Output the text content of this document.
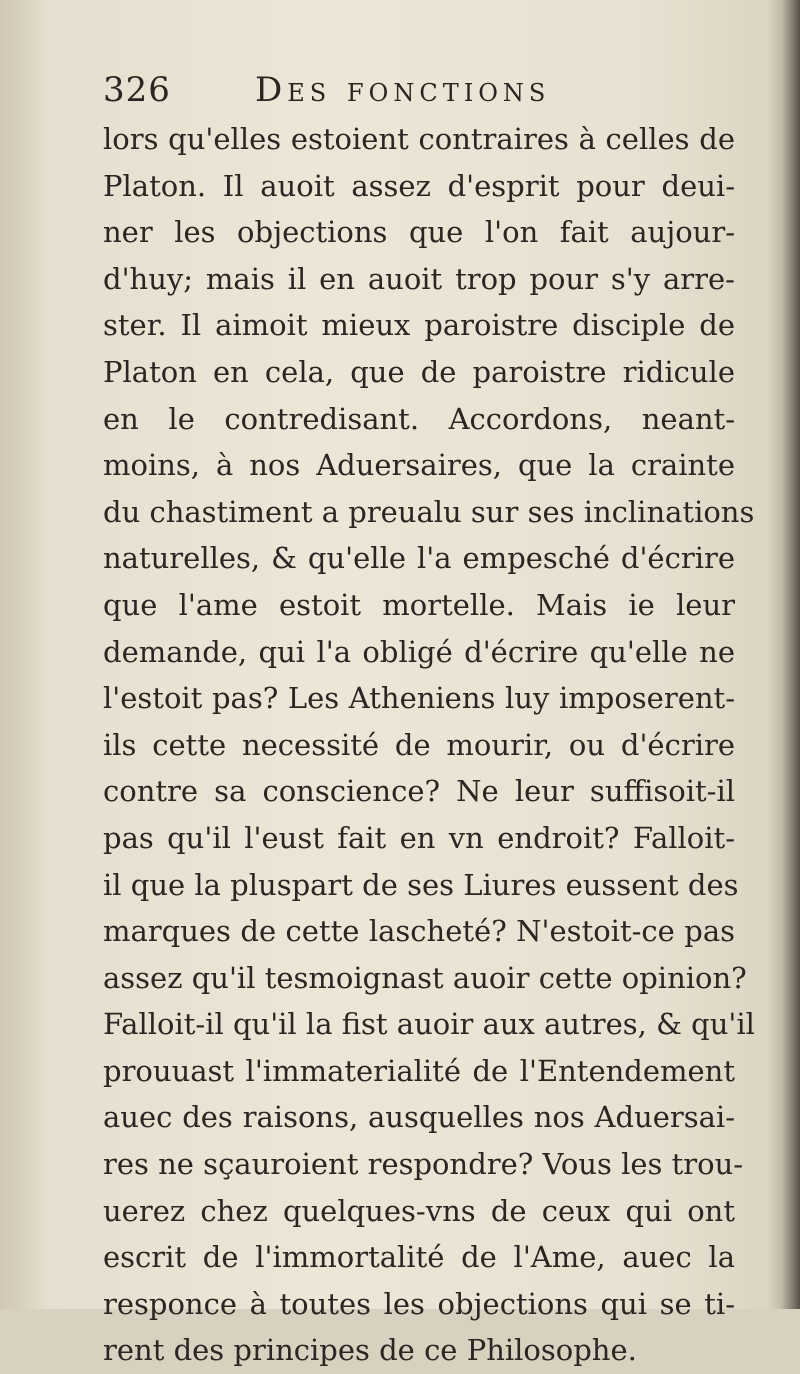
326 Des fonctions
lors qu'elles estoient contraires à celles de
Platon. Il auoit assez d'esprit pour deui-
ner les objections que l'on fait aujour-
d'huy; mais il en auoit trop pour s'y arre-
ster. Il aimoit mieux paroistre disciple de
Platon en cela, que de paroistre ridicule
en le contredisant. Accordons, neant-
moins, à nos Aduersaires, que la crainte
du chastiment a preualu sur ses inclinations
naturelles, & qu'elle l'a empesché d'écrire
que l'ame estoit mortelle. Mais ie leur
demande, qui l'a obligé d'écrire qu'elle ne
l'estoit pas? Les Atheniens luy imposerent-
ils cette necessité de mourir, ou d'écrire
contre sa conscience? Ne leur suffisoit-il
pas qu'il l'eust fait en vn endroit? Falloit-
il que la pluspart de ses Liures eussent des
marques de cette lascheté? N'estoit-ce pas
assez qu'il tesmoignast auoir cette opinion?
Falloit-il qu'il la fist auoir aux autres, & qu'il
prouuast l'immaterialité de l'Entendement
auec des raisons, ausquelles nos Aduersai-
res ne sçauroient respondre? Vous les trou-
uerez chez quelques-vns de ceux qui ont
escrit de l'immortalité de l'Ame, auec la
responce à toutes les objections qui se ti-
rent des principes de ce Philosophe.
